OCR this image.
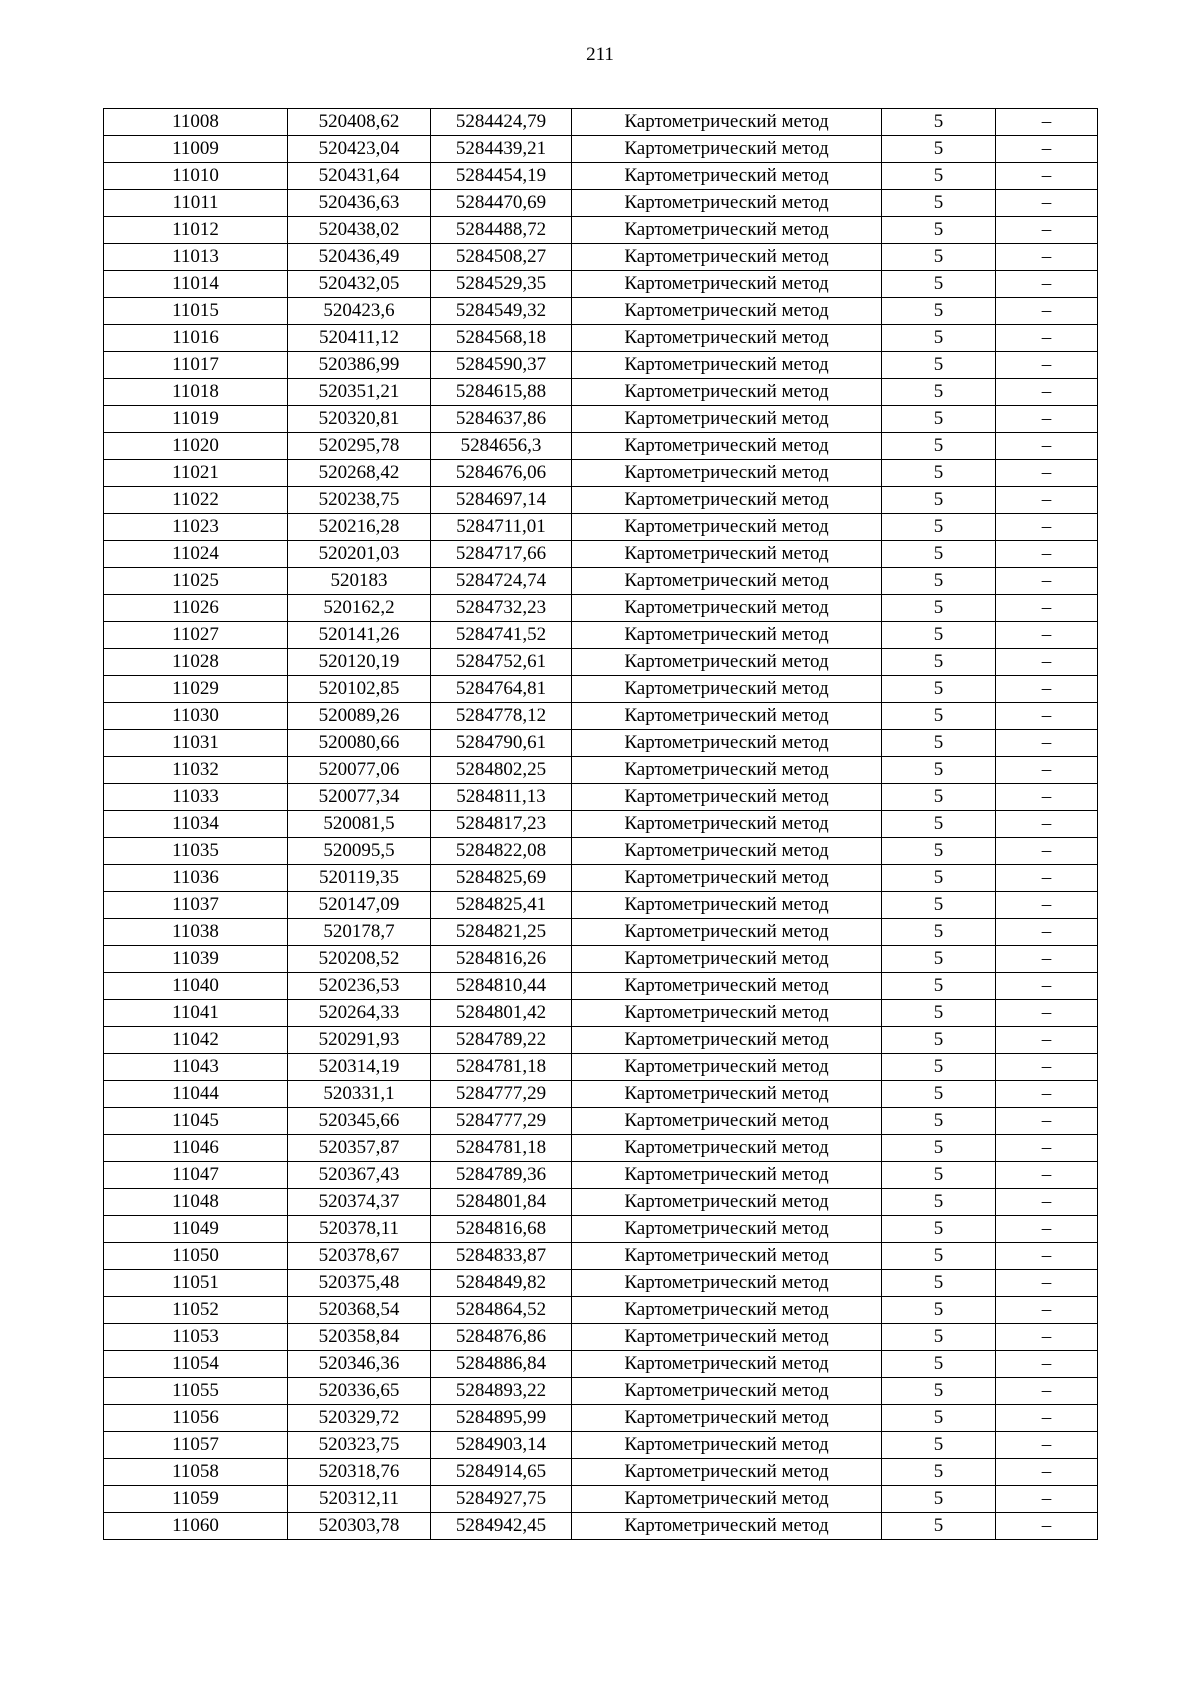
211
11008	520408,62	5284424,79	Картометрический метод	5	–
11009	520423,04	5284439,21	Картометрический метод	5	–
11010	520431,64	5284454,19	Картометрический метод	5	–
11011	520436,63	5284470,69	Картометрический метод	5	–
11012	520438,02	5284488,72	Картометрический метод	5	–
11013	520436,49	5284508,27	Картометрический метод	5	–
11014	520432,05	5284529,35	Картометрический метод	5	–
11015	520423,6	5284549,32	Картометрический метод	5	–
11016	520411,12	5284568,18	Картометрический метод	5	–
11017	520386,99	5284590,37	Картометрический метод	5	–
11018	520351,21	5284615,88	Картометрический метод	5	–
11019	520320,81	5284637,86	Картометрический метод	5	–
11020	520295,78	5284656,3	Картометрический метод	5	–
11021	520268,42	5284676,06	Картометрический метод	5	–
11022	520238,75	5284697,14	Картометрический метод	5	–
11023	520216,28	5284711,01	Картометрический метод	5	–
11024	520201,03	5284717,66	Картометрический метод	5	–
11025	520183	5284724,74	Картометрический метод	5	–
11026	520162,2	5284732,23	Картометрический метод	5	–
11027	520141,26	5284741,52	Картометрический метод	5	–
11028	520120,19	5284752,61	Картометрический метод	5	–
11029	520102,85	5284764,81	Картометрический метод	5	–
11030	520089,26	5284778,12	Картометрический метод	5	–
11031	520080,66	5284790,61	Картометрический метод	5	–
11032	520077,06	5284802,25	Картометрический метод	5	–
11033	520077,34	5284811,13	Картометрический метод	5	–
11034	520081,5	5284817,23	Картометрический метод	5	–
11035	520095,5	5284822,08	Картометрический метод	5	–
11036	520119,35	5284825,69	Картометрический метод	5	–
11037	520147,09	5284825,41	Картометрический метод	5	–
11038	520178,7	5284821,25	Картометрический метод	5	–
11039	520208,52	5284816,26	Картометрический метод	5	–
11040	520236,53	5284810,44	Картометрический метод	5	–
11041	520264,33	5284801,42	Картометрический метод	5	–
11042	520291,93	5284789,22	Картометрический метод	5	–
11043	520314,19	5284781,18	Картометрический метод	5	–
11044	520331,1	5284777,29	Картометрический метод	5	–
11045	520345,66	5284777,29	Картометрический метод	5	–
11046	520357,87	5284781,18	Картометрический метод	5	–
11047	520367,43	5284789,36	Картометрический метод	5	–
11048	520374,37	5284801,84	Картометрический метод	5	–
11049	520378,11	5284816,68	Картометрический метод	5	–
11050	520378,67	5284833,87	Картометрический метод	5	–
11051	520375,48	5284849,82	Картометрический метод	5	–
11052	520368,54	5284864,52	Картометрический метод	5	–
11053	520358,84	5284876,86	Картометрический метод	5	–
11054	520346,36	5284886,84	Картометрический метод	5	–
11055	520336,65	5284893,22	Картометрический метод	5	–
11056	520329,72	5284895,99	Картометрический метод	5	–
11057	520323,75	5284903,14	Картометрический метод	5	–
11058	520318,76	5284914,65	Картометрический метод	5	–
11059	520312,11	5284927,75	Картометрический метод	5	–
11060	520303,78	5284942,45	Картометрический метод	5	–
